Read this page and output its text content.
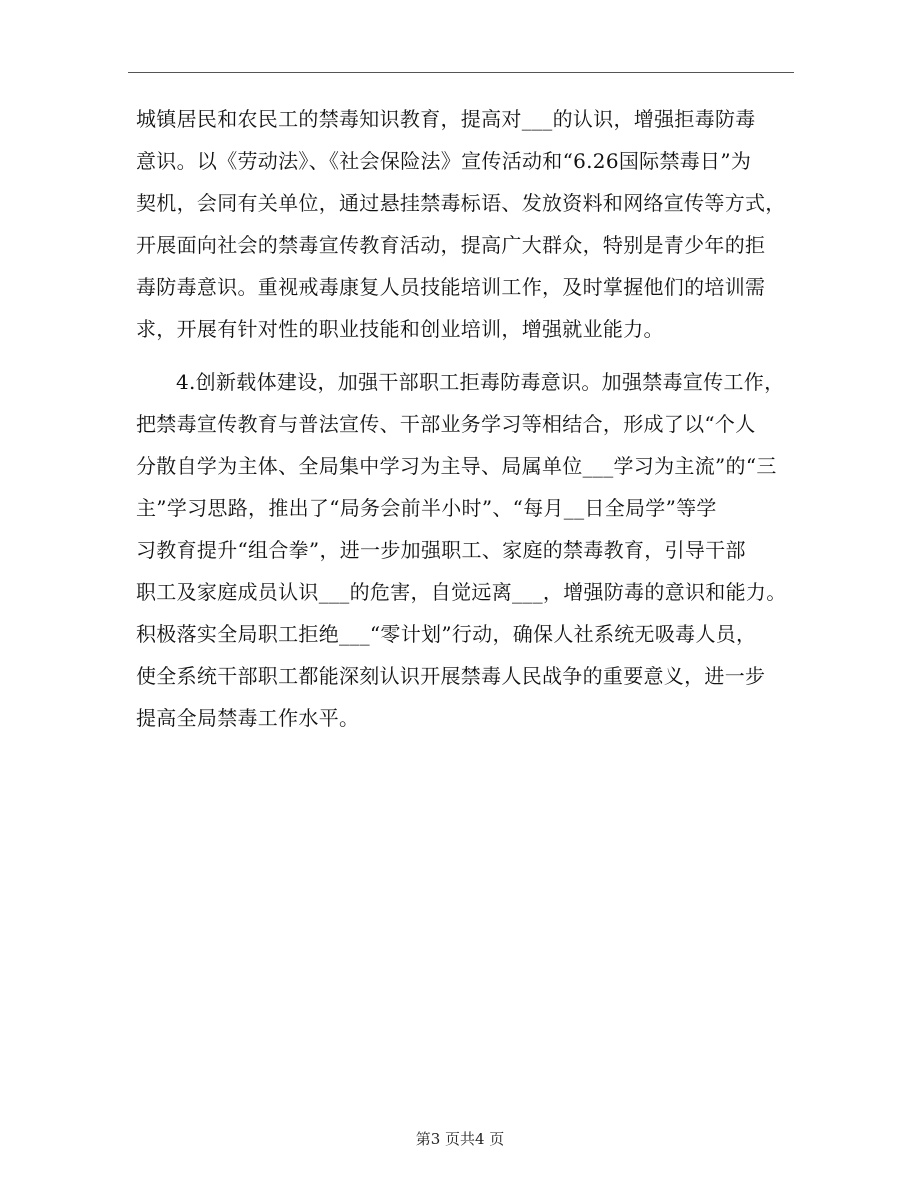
城镇居民和农民工的禁毒知识教育，提高对___的认识，增强拒毒防毒
意识。以《劳动法》、《社会保险法》宣传活动和“6.26国际禁毒日”为
契机，会同有关单位，通过悬挂禁毒标语、发放资料和网络宣传等方式，
开展面向社会的禁毒宣传教育活动，提高广大群众，特别是青少年的拒
毒防毒意识。重视戒毒康复人员技能培训工作，及时掌握他们的培训需
求，开展有针对性的职业技能和创业培训，增强就业能力。
4.创新载体建设，加强干部职工拒毒防毒意识。加强禁毒宣传工作，
把禁毒宣传教育与普法宣传、干部业务学习等相结合，形成了以“个人
分散自学为主体、全局集中学习为主导、局属单位___学习为主流”的“三
主”学习思路，推出了“局务会前半小时”、“每月__日全局学”等学
习教育提升“组合拳”，进一步加强职工、家庭的禁毒教育，引导干部
职工及家庭成员认识___的危害，自觉远离___，增强防毒的意识和能力。
积极落实全局职工拒绝___“零计划”行动，确保人社系统无吸毒人员，
使全系统干部职工都能深刻认识开展禁毒人民战争的重要意义，进一步
提高全局禁毒工作水平。
第3 页共4 页
